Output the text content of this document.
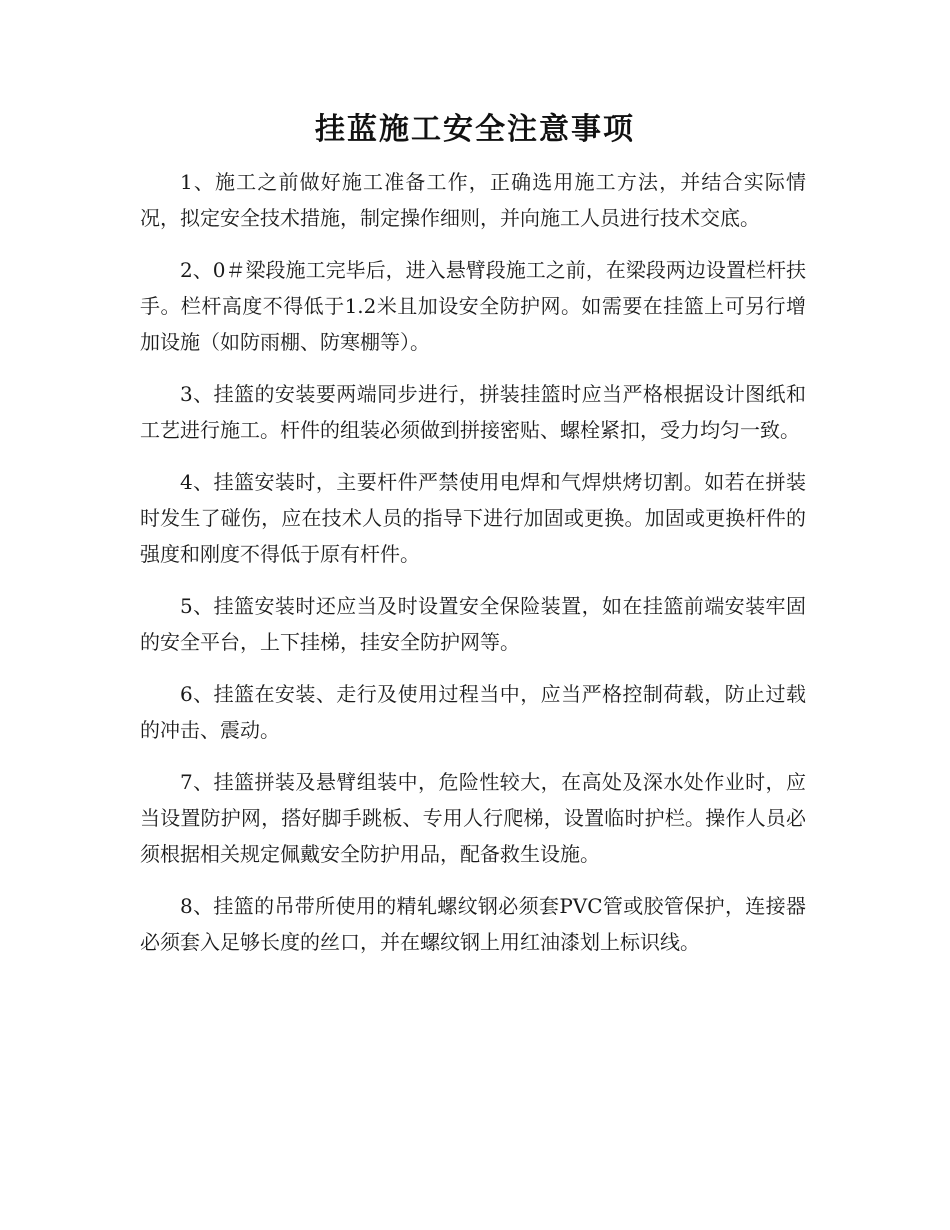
挂蓝施工安全注意事项

1、施工之前做好施工准备工作，正确选用施工方法，并结合实际情况，拟定安全技术措施，制定操作细则，并向施工人员进行技术交底。

2、0＃梁段施工完毕后，进入悬臂段施工之前，在梁段两边设置栏杆扶手。栏杆高度不得低于1.2米且加设安全防护网。如需要在挂篮上可另行增加设施（如防雨棚、防寒棚等）。

3、挂篮的安装要两端同步进行，拼装挂篮时应当严格根据设计图纸和工艺进行施工。杆件的组装必须做到拼接密贴、螺栓紧扣，受力均匀一致。

4、挂篮安装时，主要杆件严禁使用电焊和气焊烘烤切割。如若在拼装时发生了碰伤，应在技术人员的指导下进行加固或更换。加固或更换杆件的强度和刚度不得低于原有杆件。

5、挂篮安装时还应当及时设置安全保险装置，如在挂篮前端安装牢固的安全平台，上下挂梯，挂安全防护网等。

6、挂篮在安装、走行及使用过程当中，应当严格控制荷载，防止过载的冲击、震动。

7、挂篮拼装及悬臂组装中，危险性较大，在高处及深水处作业时，应当设置防护网，搭好脚手跳板、专用人行爬梯，设置临时护栏。操作人员必须根据相关规定佩戴安全防护用品，配备救生设施。

8、挂篮的吊带所使用的精轧螺纹钢必须套PVC管或胶管保护，连接器必须套入足够长度的丝口，并在螺纹钢上用红油漆划上标识线。
